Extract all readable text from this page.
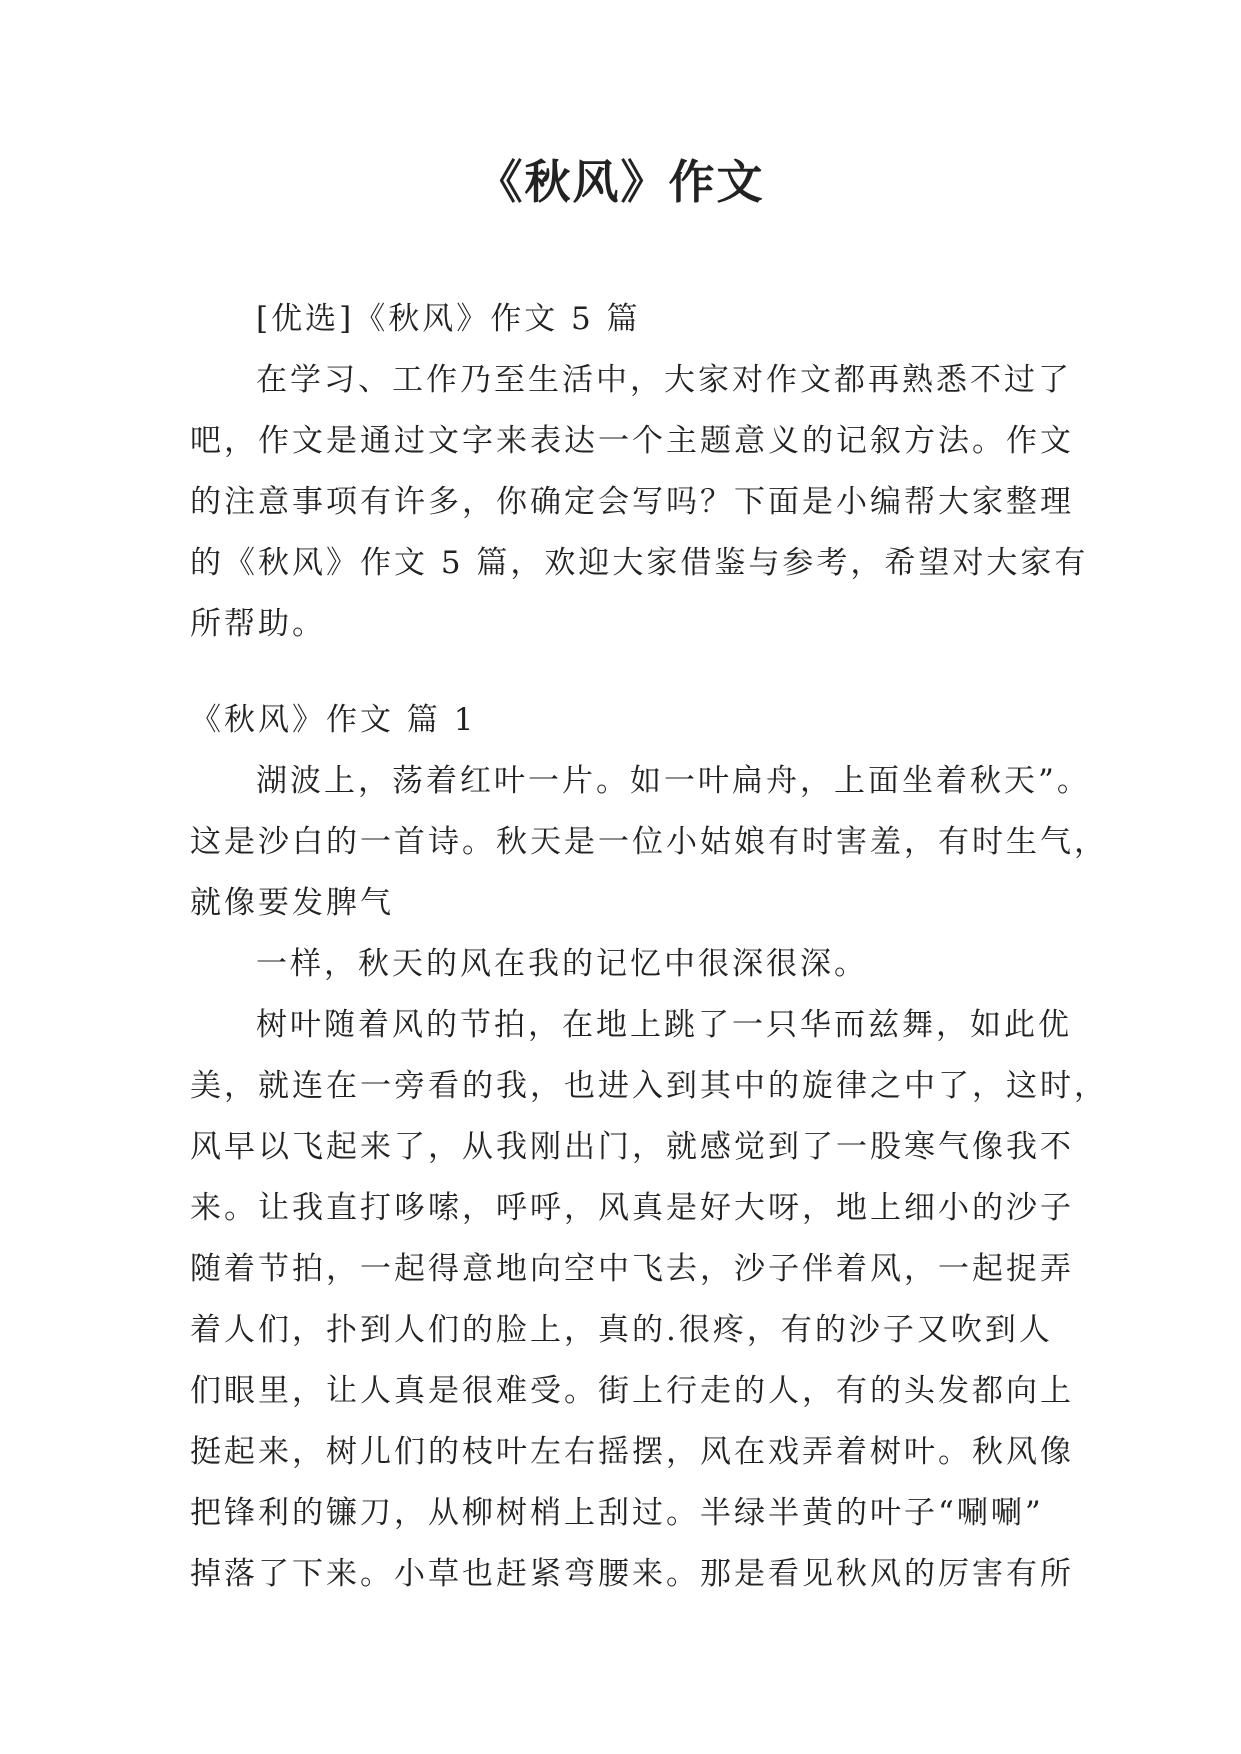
《秋风》作文
[优选]《秋风》作文 5 篇
在学习、工作乃至生活中，大家对作文都再熟悉不过了
吧，作文是通过文字来表达一个主题意义的记叙方法。作文
的注意事项有许多，你确定会写吗？下面是小编帮大家整理
的《秋风》作文 5 篇，欢迎大家借鉴与参考，希望对大家有
所帮助。
《秋风》作文 篇 1
湖波上，荡着红叶一片。如一叶扁舟，上面坐着秋天”。
这是沙白的一首诗。秋天是一位小姑娘有时害羞，有时生气，
就像要发脾气
一样，秋天的风在我的记忆中很深很深。
树叶随着风的节拍，在地上跳了一只华而兹舞，如此优
美，就连在一旁看的我，也进入到其中的旋律之中了，这时，
风早以飞起来了，从我刚出门，就感觉到了一股寒气像我不
来。让我直打哆嗦，呼呼，风真是好大呀，地上细小的沙子
随着节拍，一起得意地向空中飞去，沙子伴着风，一起捉弄
着人们，扑到人们的脸上，真的.很疼，有的沙子又吹到人
们眼里，让人真是很难受。街上行走的人，有的头发都向上
挺起来，树儿们的枝叶左右摇摆，风在戏弄着树叶。秋风像
把锋利的镰刀，从柳树梢上刮过。半绿半黄的叶子“唰唰”
掉落了下来。小草也赶紧弯腰来。那是看见秋风的厉害有所
